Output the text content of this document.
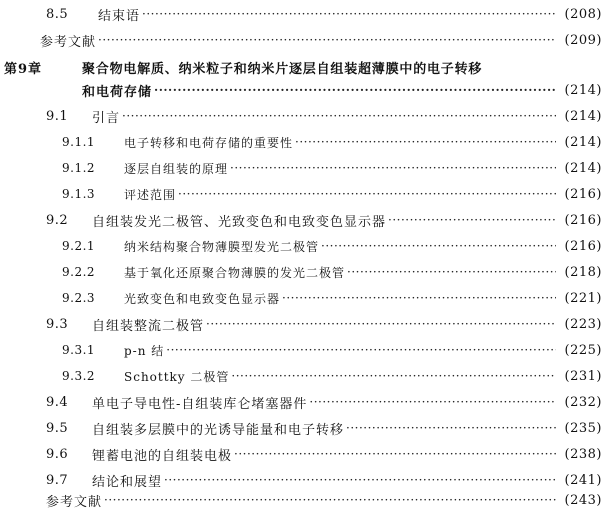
8.5	结束语 ·····	(208)
参考文献 ·····	(209)
第9章	聚合物电解质、纳米粒子和纳米片逐层自组装超薄膜中的电子转移
和电荷存储 ·····	(214)
9.1	引言 ·····	(214)
9.1.1	电子转移和电荷存储的重要性 ·····	(214)
9.1.2	逐层自组装的原理 ·····	(214)
9.1.3	评述范围 ·····	(216)
9.2	自组装发光二极管、光致变色和电致变色显示器 ·····	(216)
9.2.1	纳米结构聚合物薄膜型发光二极管 ·····	(216)
9.2.2	基于氧化还原聚合物薄膜的发光二极管 ·····	(218)
9.2.3	光致变色和电致变色显示器 ·····	(221)
9.3	自组装整流二极管 ·····	(223)
9.3.1	p-n 结 ·····	(225)
9.3.2	Schottky 二极管 ·····	(231)
9.4	单电子导电性-自组装库仑堵塞器件 ·····	(232)
9.5	自组装多层膜中的光诱导能量和电子转移 ·····	(235)
9.6	锂蓄电池的自组装电极 ·····	(238)
9.7	结论和展望 ·····	(241)
参考文献 ·····	(243)
